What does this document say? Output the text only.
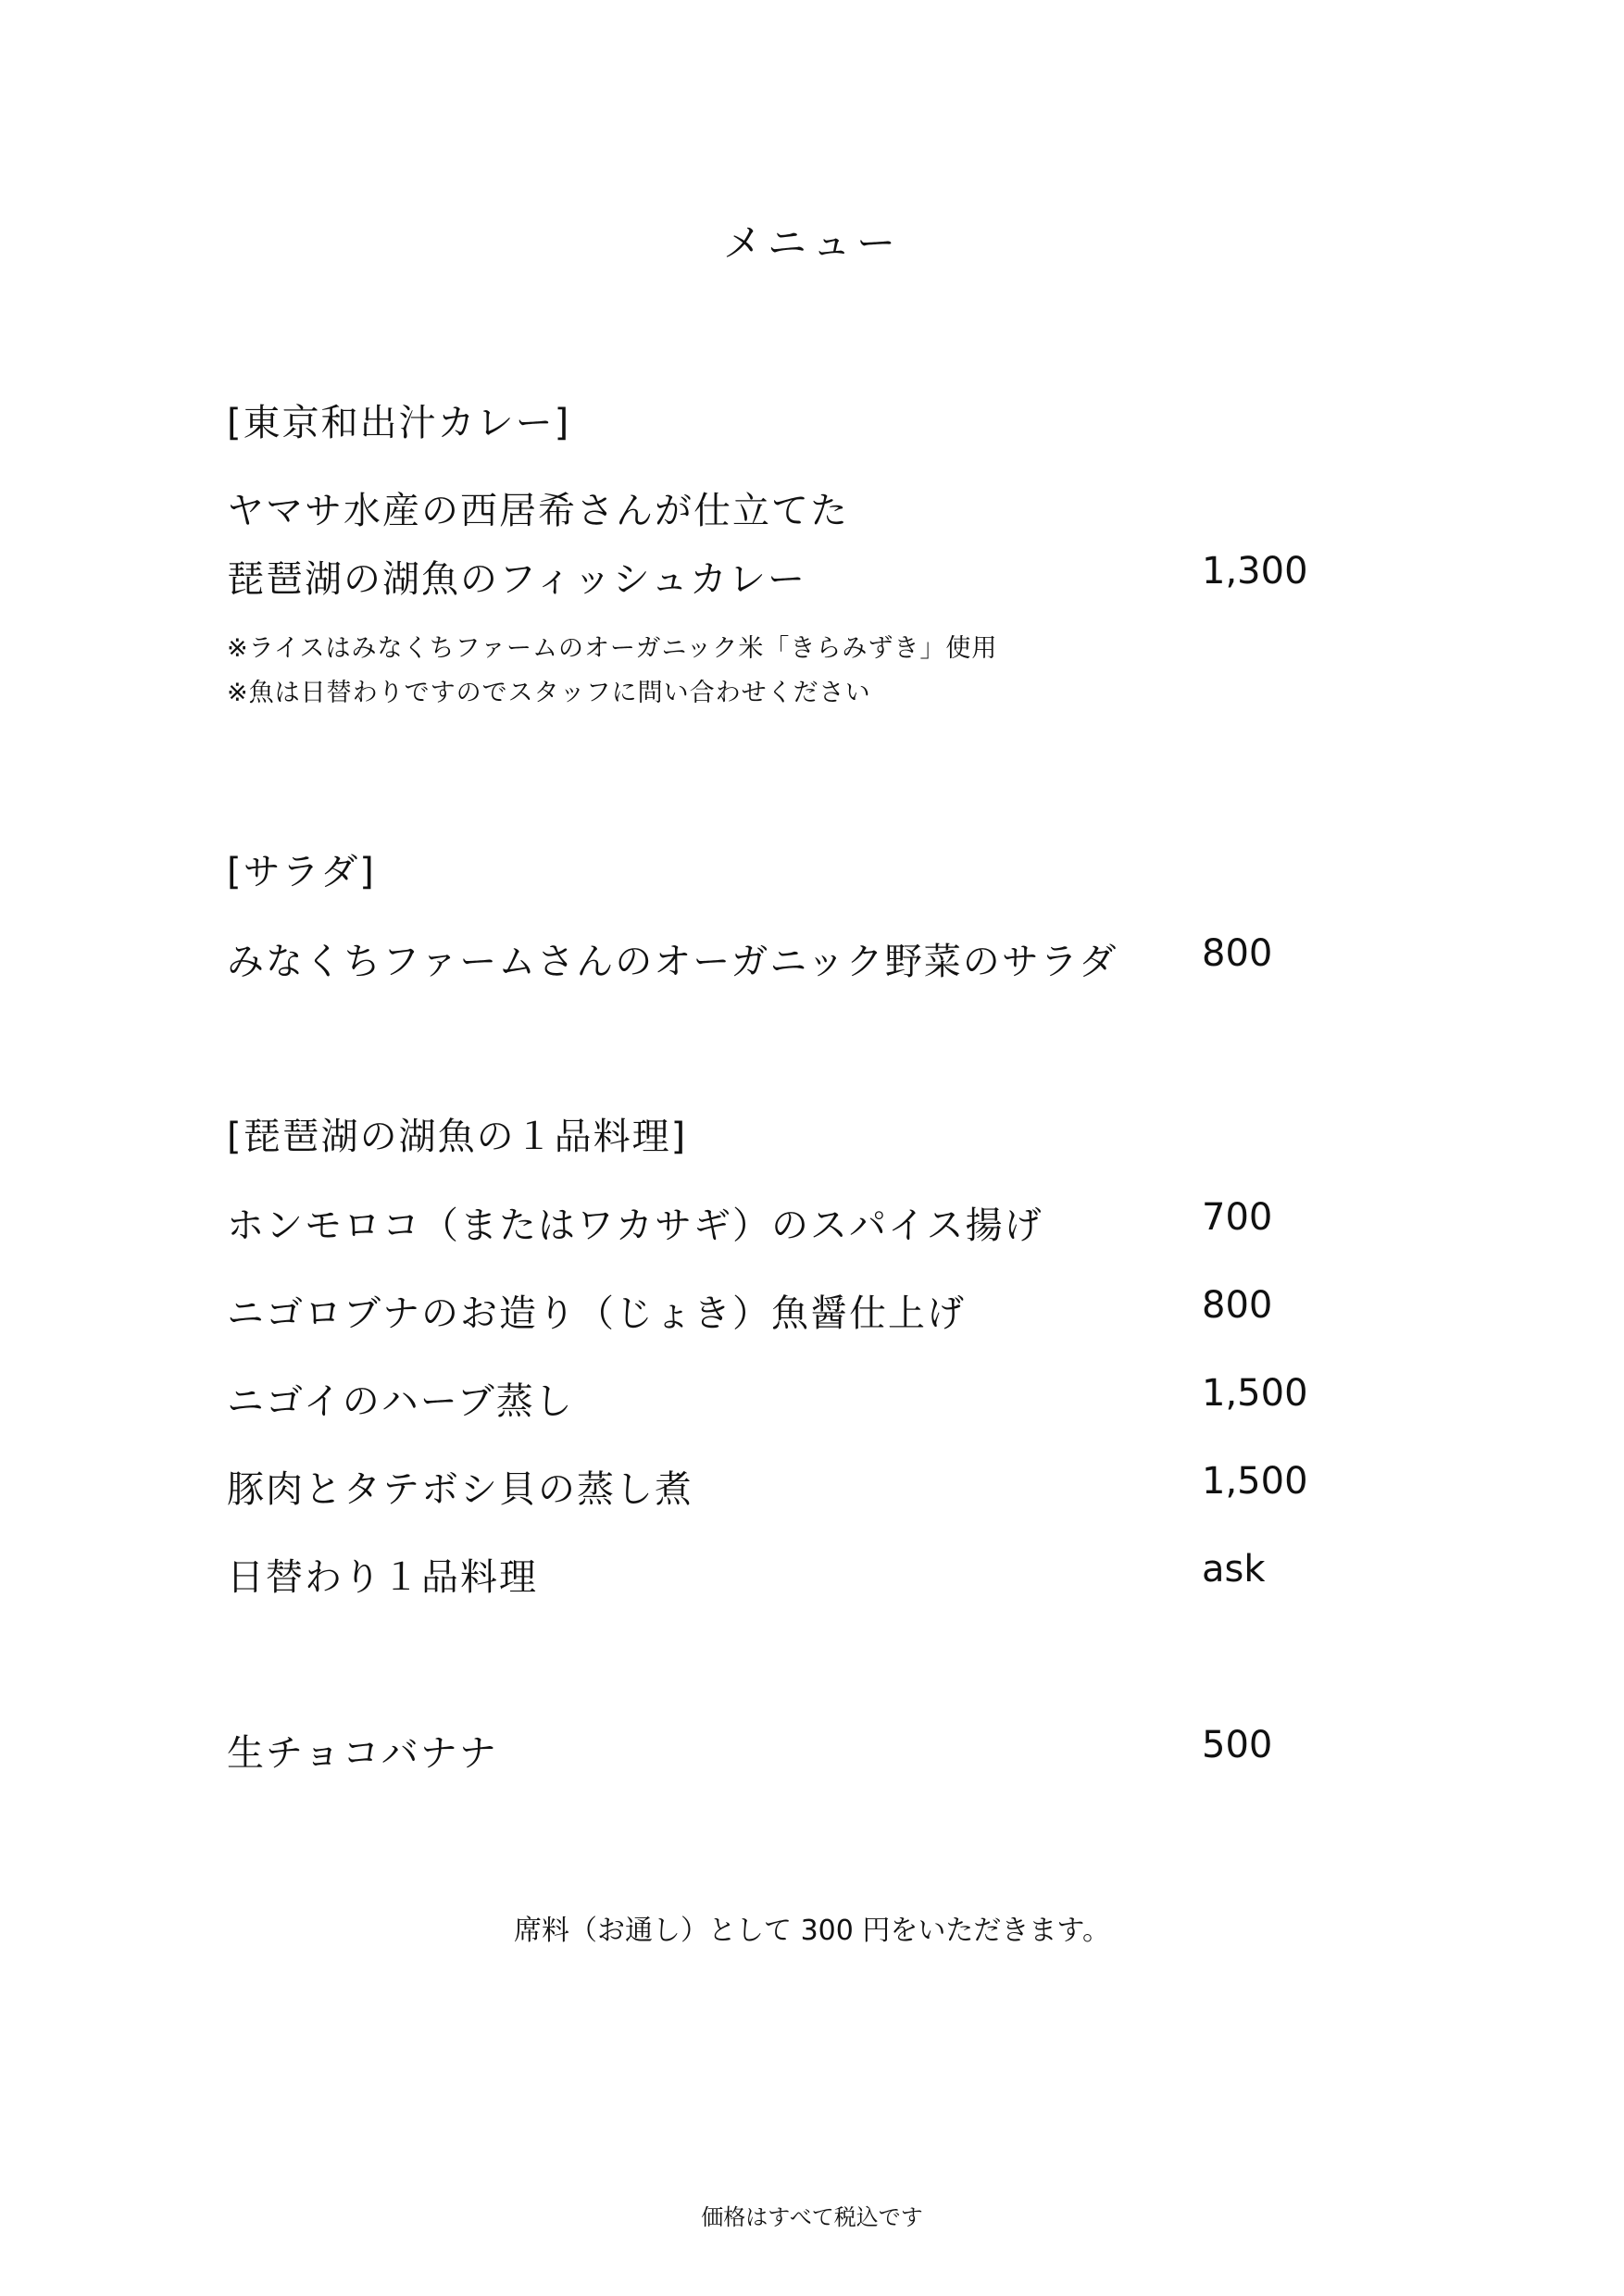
メニュー
[東京和出汁カレー]
ヤマサ水産の西居希さんが仕立てた
琵琶湖の湖魚のフィッシュカレー	1,300
※ライスはみなくちファームのオーガニック米「きらみずき」使用
※魚は日替わりですのでスタッフに問い合わせください
[サラダ]
みなくちファームさんのオーガニック野菜のサラダ 800
[琵琶湖の湖魚の１品料理]
ホンモロコ（またはワカサギ）のスパイス揚げ	700
ニゴロブナのお造り（じょき）魚醤仕上げ	800
ニゴイのハーブ蒸し	1,500
豚肉とタテボシ貝の蒸し煮	1,500
日替わり１品料理	ask
生チョコバナナ	500
席料（お通し）として 300 円をいただきます。
価格はすべて税込です
